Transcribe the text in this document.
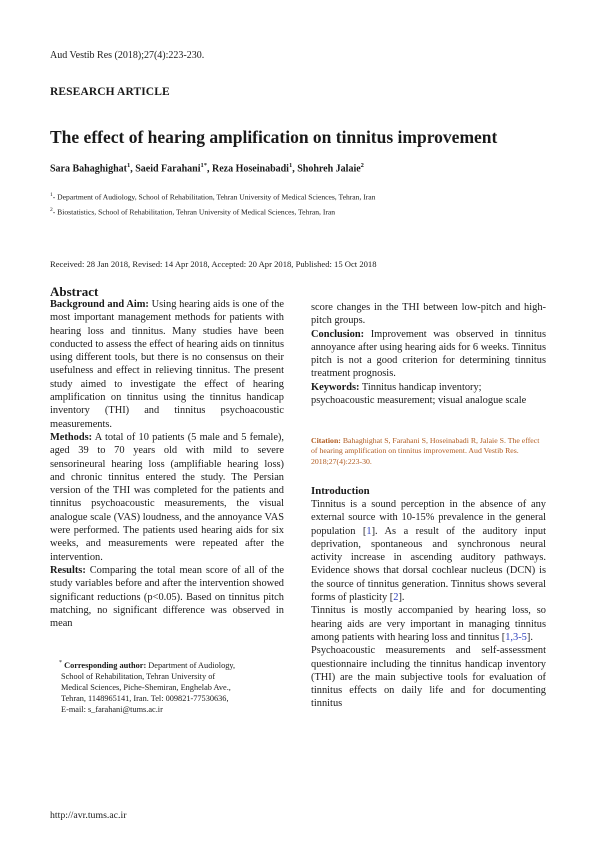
Aud Vestib Res (2018);27(4):223-230.
RESEARCH ARTICLE
The effect of hearing amplification on tinnitus improvement
Sara Bahaghighat$^1$, Saeid Farahani$^{1*}$, Reza Hoseinabadi$^1$, Shohreh Jalaie$^2$
$^1$- Department of Audiology, School of Rehabilitation, Tehran University of Medical Sciences, Tehran, Iran
$^2$- Biostatistics, School of Rehabilitation, Tehran University of Medical Sciences, Tehran, Iran
Received: 28 Jan 2018, Revised: 14 Apr 2018, Accepted: 20 Apr 2018, Published: 15 Oct 2018
Abstract

Background and Aim: Using hearing aids is one of the most important management methods for patients with hearing loss and tinnitus. Many studies have been conducted to assess the effect of hearing aids on tinnitus using different tools, but there is no consensus on their usefulness and effect in relieving tinnitus. The present study aimed to investigate the effect of hearing amplification on tinnitus using the tinnitus handicap inventory (THI) and tinnitus psychoacoustic measurements.

Methods: A total of 10 patients (5 male and 5 female), aged 39 to 70 years old with mild to severe sensorineural hearing loss (amplifiable hearing loss) and chronic tinnitus entered the study. The Persian version of the THI was completed for the patients and tinnitus psychoacoustic measurements, the visual analogue scale (VAS) loudness, and the annoyance VAS were performed. The patients used hearing aids for six weeks, and measurements were repeated after the intervention.

Results: Comparing the total mean score of all of the study variables before and after the intervention showed significant reductions (p<0.05). Based on tinnitus pitch matching, no significant difference was observed in mean

score changes in the THI between low-pitch and high-pitch groups.

Conclusion: Improvement was observed in tinnitus annoyance after using hearing aids for 6 weeks. Tinnitus pitch is not a good criterion for determining tinnitus treatment prognosis.

Keywords: Tinnitus handicap inventory; psychoacoustic measurement; visual analogue scale

Citation: Bahaghighat S, Farahani S, Hoseinabadi R, Jalaie S. The effect of hearing amplification on tinnitus improvement. Aud Vestib Res. 2018;27(4):223-30.
Introduction

Tinnitus is a sound perception in the absence of any external source with 10-15% prevalence in the general population [1]. As a result of the auditory input deprivation, spontaneous and synchronous neural activity increase in ascending auditory pathways. Evidence shows that dorsal cochlear nucleus (DCN) is the source of tinnitus generation. Tinnitus shows several forms of plasticity [2].

Tinnitus is mostly accompanied by hearing loss, so hearing aids are very important in managing tinnitus among patients with hearing loss and tinnitus [1,3-5].

Psychoacoustic measurements and self-assessment questionnaire including the tinnitus handicap inventory (THI) are the main subjective tools for evaluation of tinnitus effects on daily life and for documenting tinnitus

* Corresponding author: Department of Audiology,
School of Rehabilitation, Tehran University of
Medical Sciences, Piche-Shemiran, Enghelab Ave.,
Tehran, 1148965141, Iran. Tel: 009821-77530636,
E-mail: s_farahani@tums.ac.ir
http://avr.tums.ac.ir
